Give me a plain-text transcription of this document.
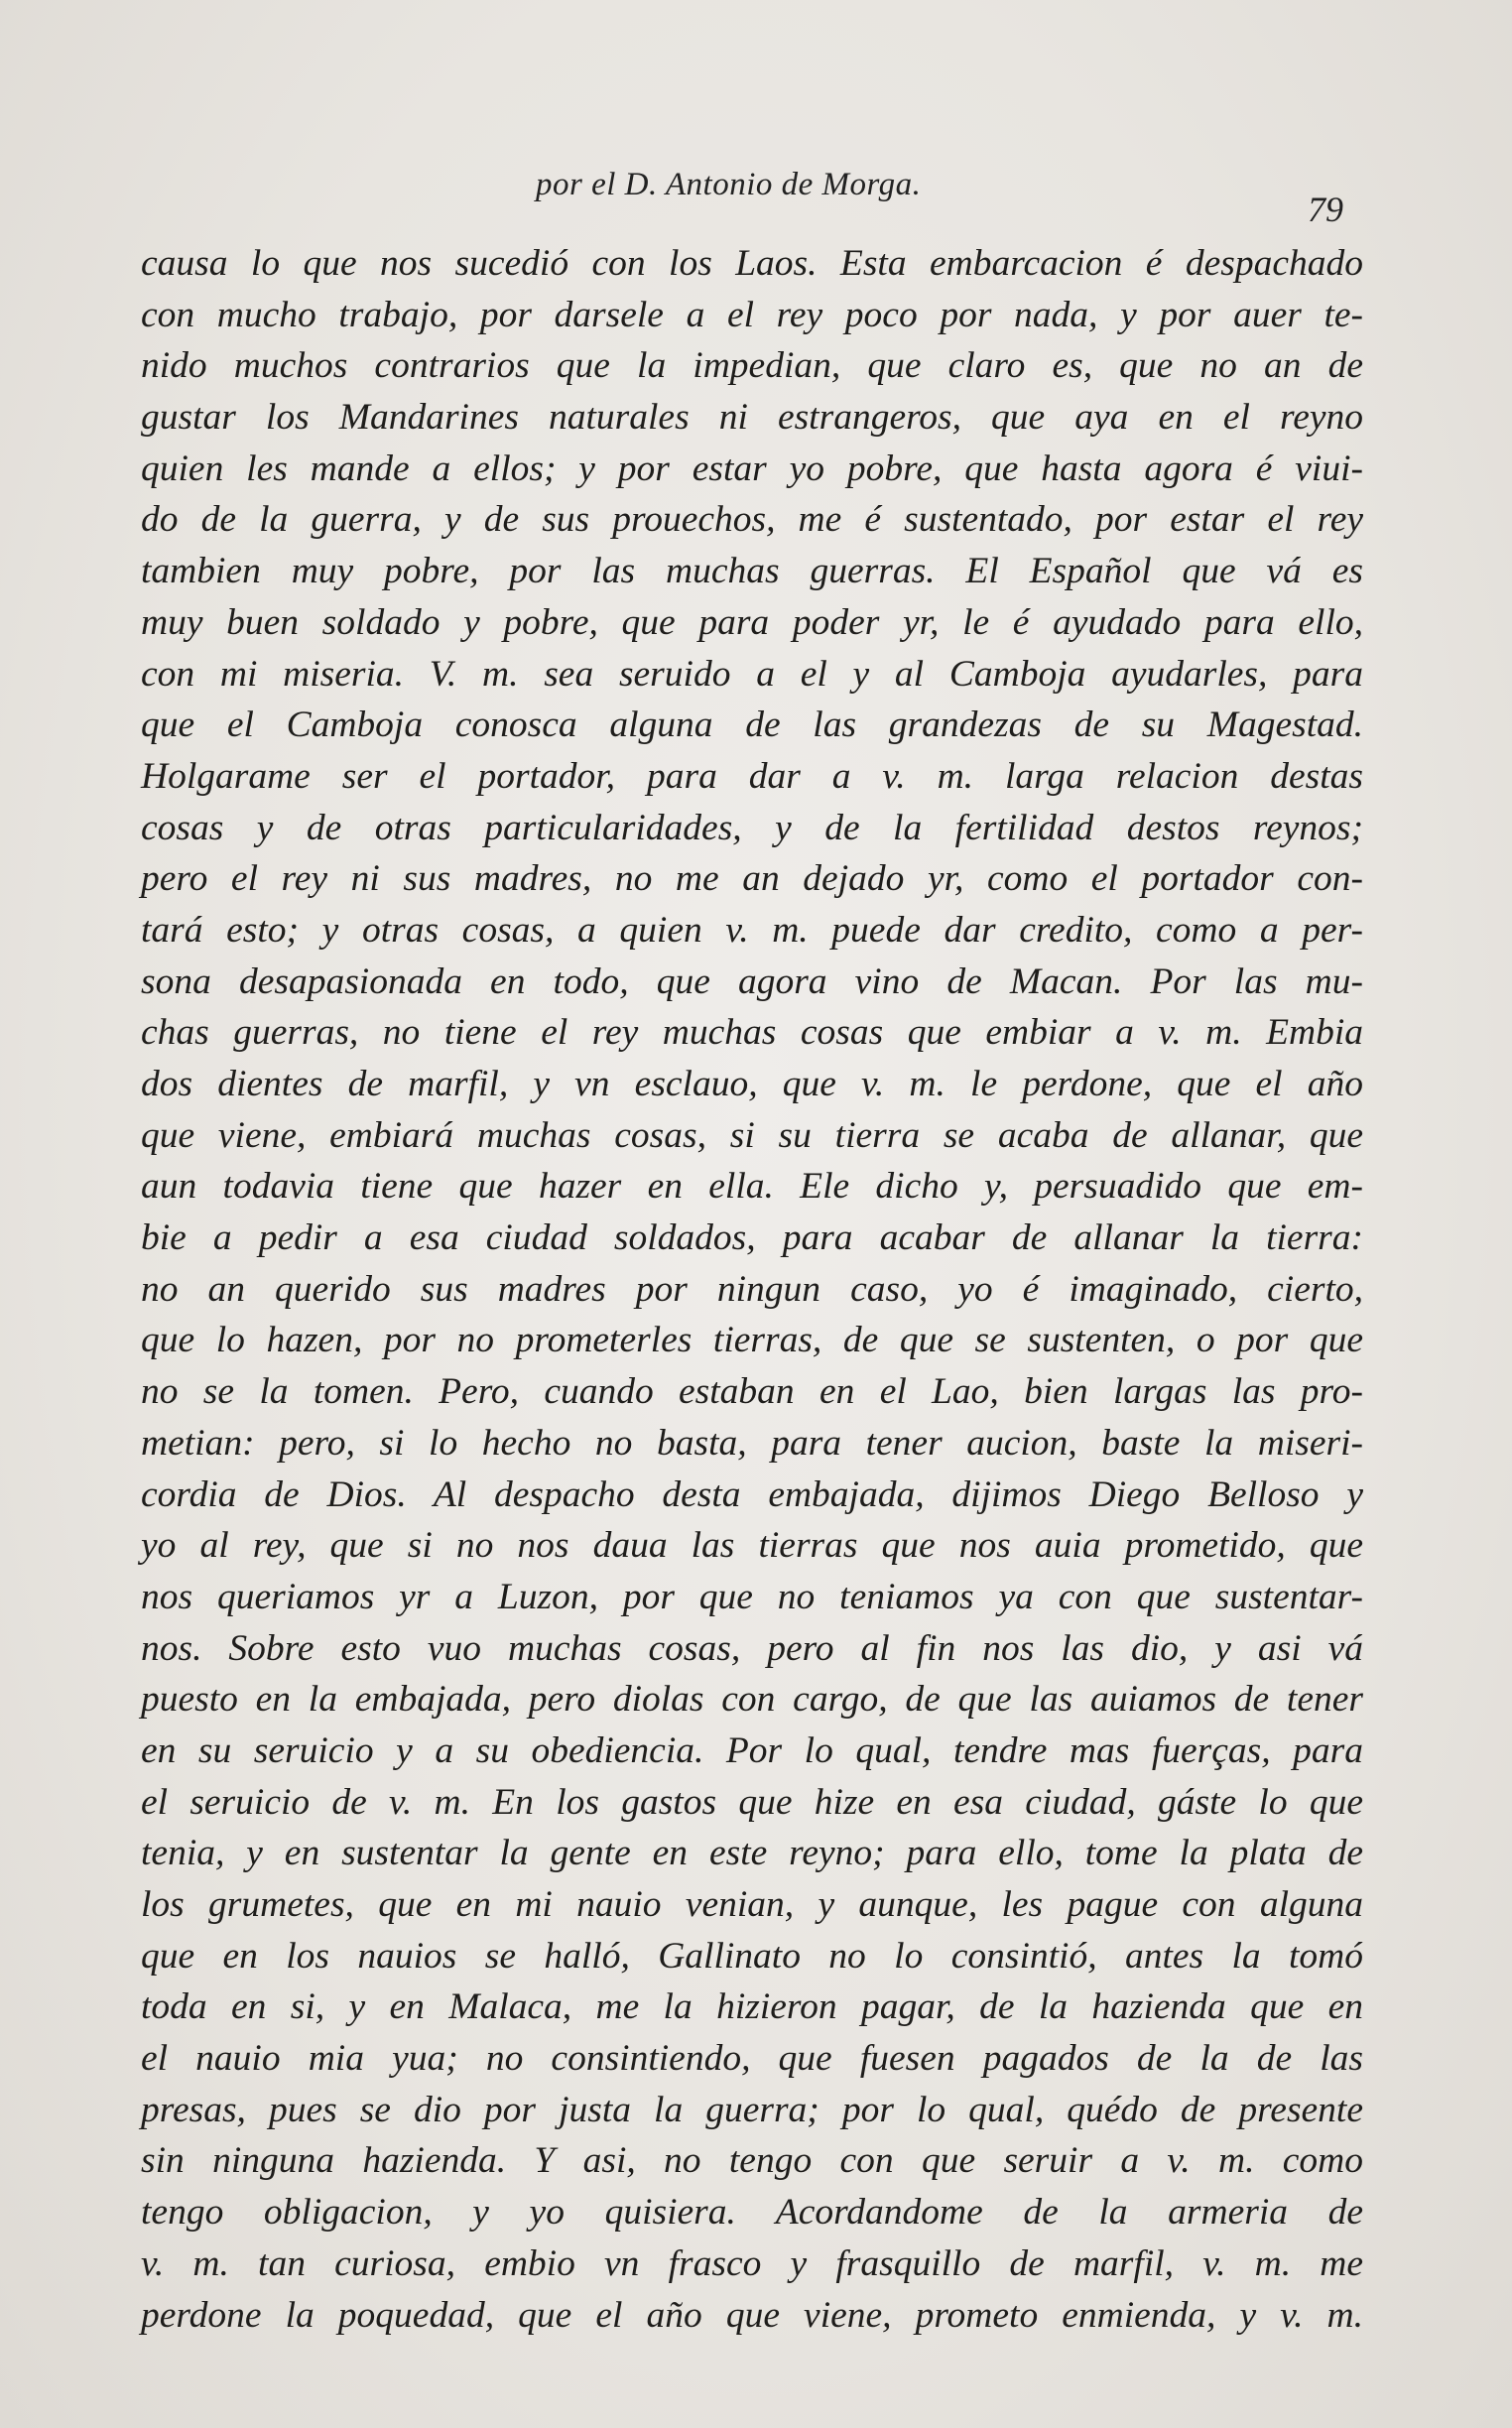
por el D. Antonio de Morga.
79
causa lo que nos sucedió con los Laos. Esta embarcacion é despachado
con mucho trabajo, por darsele a el rey poco por nada, y por auer te-
nido muchos contrarios que la impedian, que claro es, que no an de
gustar los Mandarines naturales ni estrangeros, que aya en el reyno
quien les mande a ellos; y por estar yo pobre, que hasta agora é viui-
do de la guerra, y de sus prouechos, me é sustentado, por estar el rey
tambien muy pobre, por las muchas guerras. El Español que vá es
muy buen soldado y pobre, que para poder yr, le é ayudado para ello,
con mi miseria. V. m. sea seruido a el y al Camboja ayudarles, para
que el Camboja conosca alguna de las grandezas de su Magestad.
Holgarame ser el portador, para dar a v. m. larga relacion destas
cosas y de otras particularidades, y de la fertilidad destos reynos;
pero el rey ni sus madres, no me an dejado yr, como el portador con-
tará esto; y otras cosas, a quien v. m. puede dar credito, como a per-
sona desapasionada en todo, que agora vino de Macan. Por las mu-
chas guerras, no tiene el rey muchas cosas que embiar a v. m. Embia
dos dientes de marfil, y vn esclauo, que v. m. le perdone, que el año
que viene, embiará muchas cosas, si su tierra se acaba de allanar, que
aun todavia tiene que hazer en ella. Ele dicho y, persuadido que em-
bie a pedir a esa ciudad soldados, para acabar de allanar la tierra:
no an querido sus madres por ningun caso, yo é imaginado, cierto,
que lo hazen, por no prometerles tierras, de que se sustenten, o por que
no se la tomen. Pero, cuando estaban en el Lao, bien largas las pro-
metian: pero, si lo hecho no basta, para tener aucion, baste la miseri-
cordia de Dios. Al despacho desta embajada, dijimos Diego Belloso y
yo al rey, que si no nos daua las tierras que nos auia prometido, que
nos queriamos yr a Luzon, por que no teniamos ya con que sustentar-
nos. Sobre esto vuo muchas cosas, pero al fin nos las dio, y asi vá
puesto en la embajada, pero diolas con cargo, de que las auiamos de tener
en su seruicio y a su obediencia. Por lo qual, tendre mas fuerças, para
el seruicio de v. m. En los gastos que hize en esa ciudad, gáste lo que
tenia, y en sustentar la gente en este reyno; para ello, tome la plata de
los grumetes, que en mi nauio venian, y aunque, les pague con alguna
que en los nauios se halló, Gallinato no lo consintió, antes la tomó
toda en si, y en Malaca, me la hizieron pagar, de la hazienda que en
el nauio mia yua; no consintiendo, que fuesen pagados de la de las
presas, pues se dio por justa la guerra; por lo qual, quédo de presente
sin ninguna hazienda. Y asi, no tengo con que seruir a v. m. como
tengo obligacion, y yo quisiera. Acordandome de la armeria de
v. m. tan curiosa, embio vn frasco y frasquillo de marfil, v. m. me
perdone la poquedad, que el año que viene, prometo enmienda, y v. m.
